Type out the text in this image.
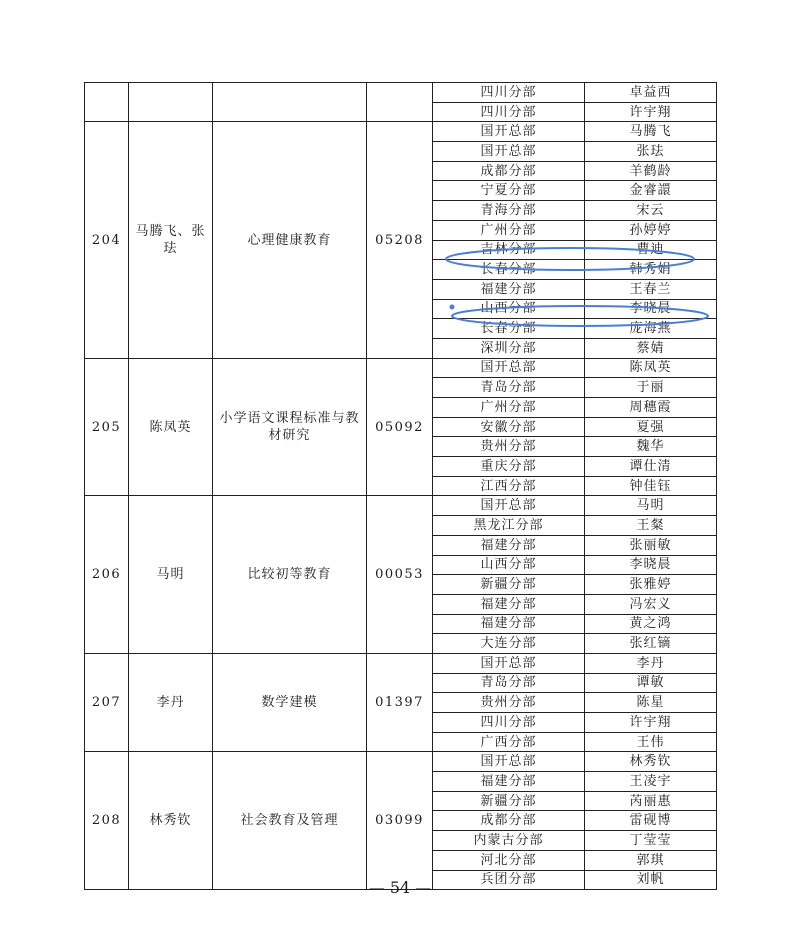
				四川分部	卓益西
				四川分部	许宇翔
204	马腾飞、张珐	心理健康教育	05208	国开总部	马腾飞
				国开总部	张珐
				成都分部	羊鹤龄
				宁夏分部	金睿譞
				青海分部	宋云
				广州分部	孙婷婷
				吉林分部	曹迪
				长春分部	韩秀娟
				福建分部	王春兰
				山西分部	李晓晨
				长春分部	庞海燕
				深圳分部	蔡婧
205	陈凤英	小学语文课程标准与教材研究	05092	国开总部	陈凤英
				青岛分部	于丽
				广州分部	周穗霞
				安徽分部	夏强
				贵州分部	魏华
				重庆分部	谭仕清
				江西分部	钟佳钰
206	马明	比较初等教育	00053	国开总部	马明
				黑龙江分部	王粲
				福建分部	张丽敏
				山西分部	李晓晨
				新疆分部	张雅婷
				福建分部	冯宏义
				福建分部	黄之鸿
				大连分部	张红镝
207	李丹	数学建模	01397	国开总部	李丹
				青岛分部	谭敏
				贵州分部	陈星
				四川分部	许宇翔
				广西分部	王伟
208	林秀钦	社会教育及管理	03099	国开总部	林秀钦
				福建分部	王凌宇
				新疆分部	芮丽惠
				成都分部	雷砚博
				内蒙古分部	丁莹莹
				河北分部	郭琪
				兵团分部	刘帆
— 54 —
